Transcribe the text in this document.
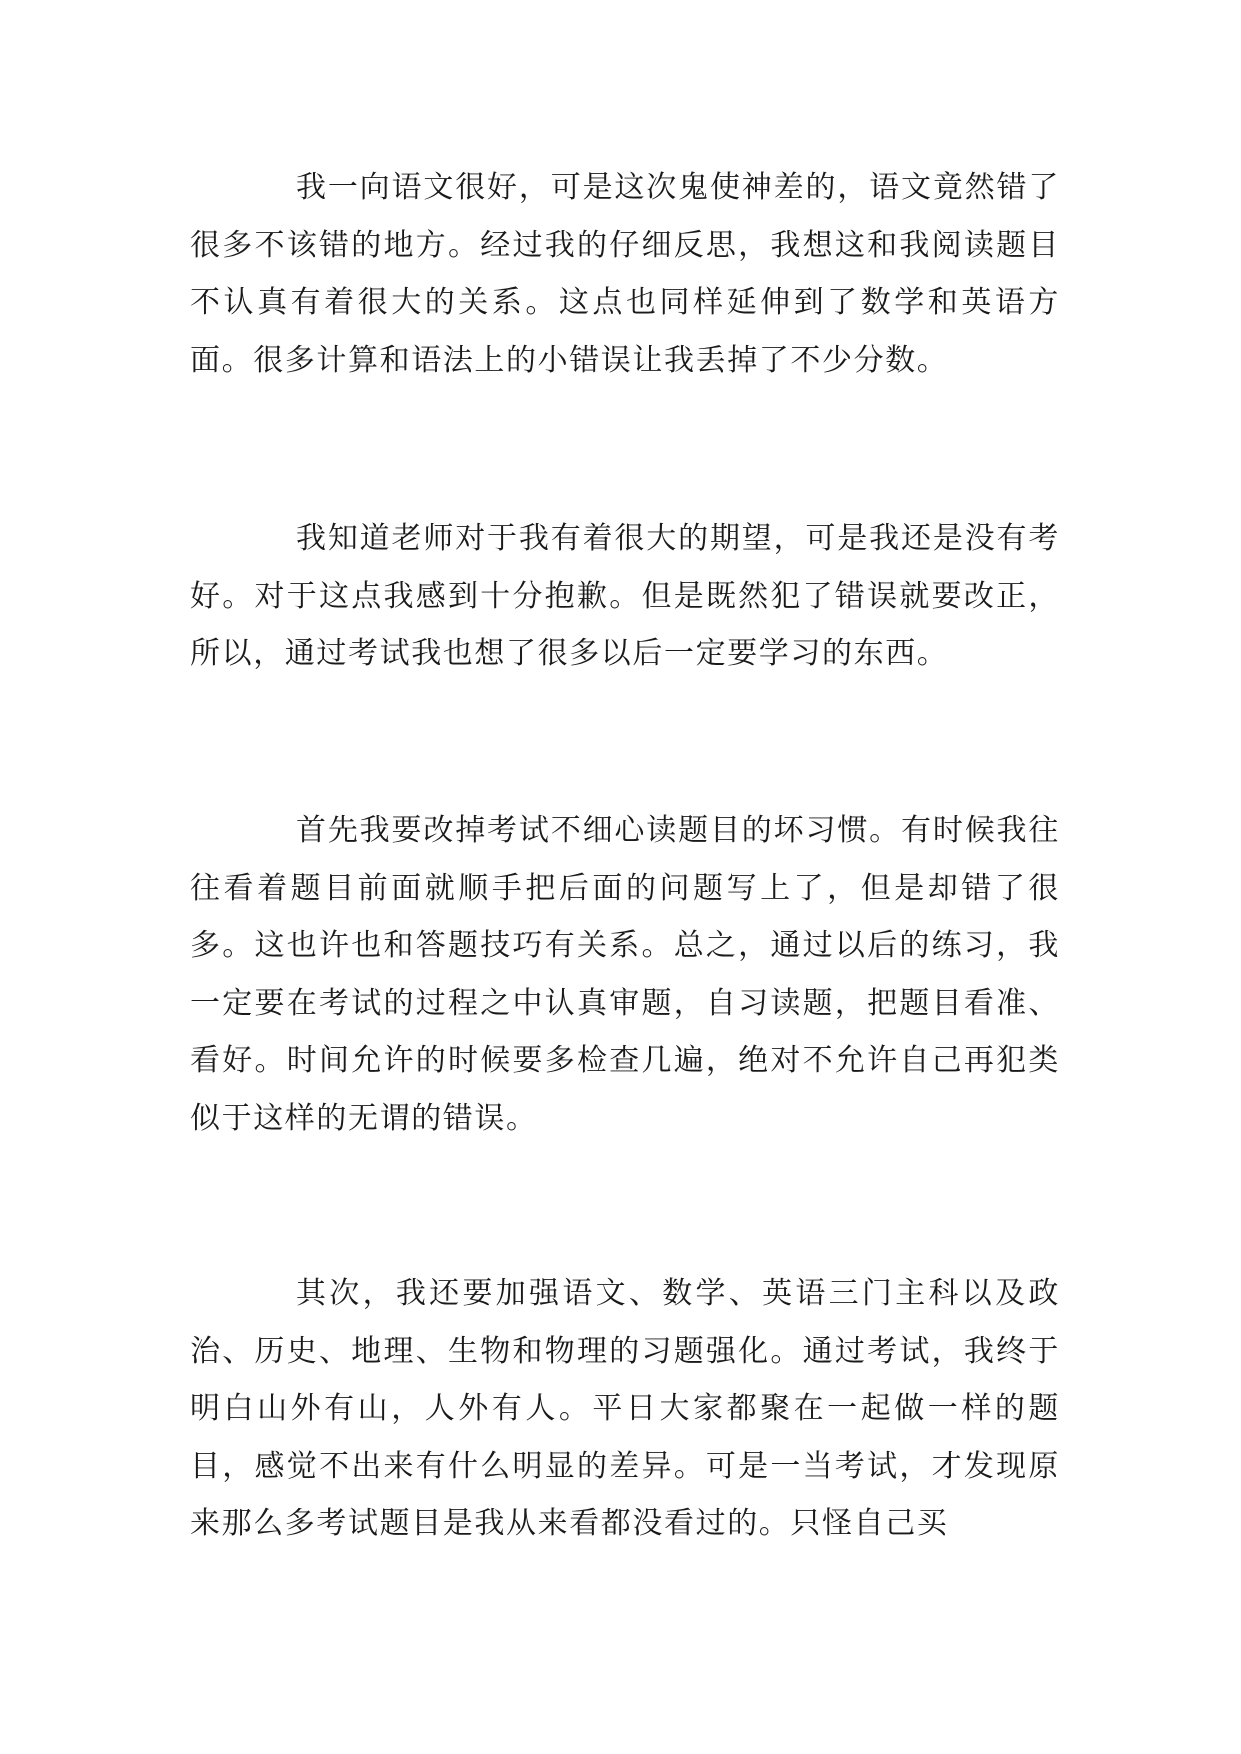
我一向语文很好，可是这次鬼使神差的，语文竟然错了很多不该错的地方。经过我的仔细反思，我想这和我阅读题目不认真有着很大的关系。这点也同样延伸到了数学和英语方面。很多计算和语法上的小错误让我丢掉了不少分数。

我知道老师对于我有着很大的期望，可是我还是没有考好。对于这点我感到十分抱歉。但是既然犯了错误就要改正，所以，通过考试我也想了很多以后一定要学习的东西。

首先我要改掉考试不细心读题目的坏习惯。有时候我往往看着题目前面就顺手把后面的问题写上了，但是却错了很多。这也许也和答题技巧有关系。总之，通过以后的练习，我一定要在考试的过程之中认真审题，自习读题，把题目看准、看好。时间允许的时候要多检查几遍，绝对不允许自己再犯类似于这样的无谓的错误。

其次，我还要加强语文、数学、英语三门主科以及政治、历史、地理、生物和物理的习题强化。通过考试，我终于明白山外有山，人外有人。平日大家都聚在一起做一样的题目，感觉不出来有什么明显的差异。可是一当考试，才发现原来那么多考试题目是我从来看都没看过的。只怪自己买
